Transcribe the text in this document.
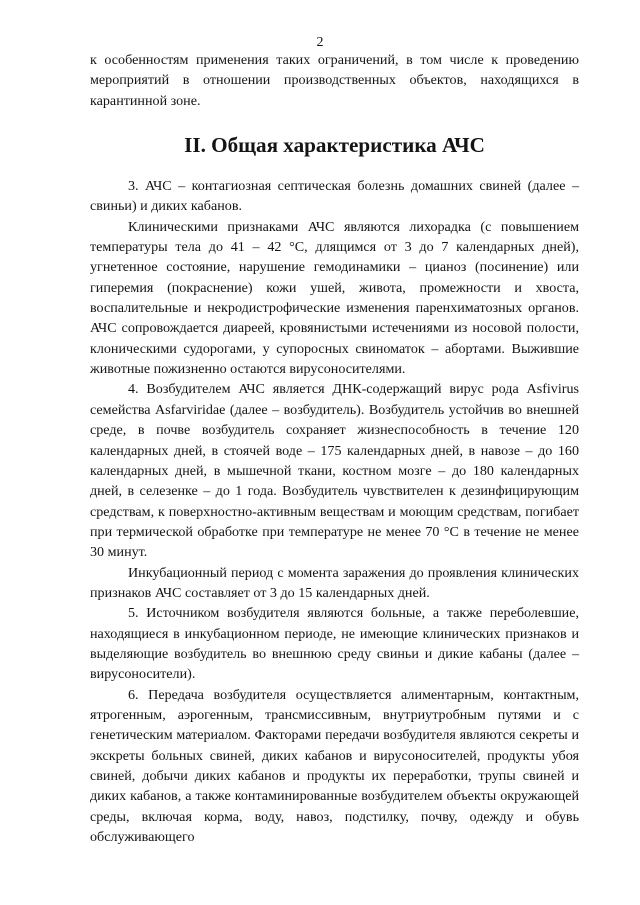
2

к особенностям применения таких ограничений, в том числе к проведению мероприятий в отношении производственных объектов, находящихся в карантинной зоне.

II. Общая характеристика АЧС

3. АЧС – контагиозная септическая болезнь домашних свиней (далее – свиньи) и диких кабанов.

Клиническими признаками АЧС являются лихорадка (с повышением температуры тела до 41 – 42 °С, длящимся от 3 до 7 календарных дней), угнетенное состояние, нарушение гемодинамики – цианоз (посинение) или гиперемия (покраснение) кожи ушей, живота, промежности и хвоста, воспалительные и некродистрофические изменения паренхиматозных органов. АЧС сопровождается диареей, кровянистыми истечениями из носовой полости, клоническими судорогами, у супоросных свиноматок – абортами. Выжившие животные пожизненно остаются вирусоносителями.

4. Возбудителем АЧС является ДНК-содержащий вирус рода Asfivirus семейства Asfarviridae (далее – возбудитель). Возбудитель устойчив во внешней среде, в почве возбудитель сохраняет жизнеспособность в течение 120 календарных дней, в стоячей воде – 175 календарных дней, в навозе – до 160 календарных дней, в мышечной ткани, костном мозге – до 180 календарных дней, в селезенке – до 1 года. Возбудитель чувствителен к дезинфицирующим средствам, к поверхностно-активным веществам и моющим средствам, погибает при термической обработке при температуре не менее 70 °С в течение не менее 30 минут.

Инкубационный период с момента заражения до проявления клинических признаков АЧС составляет от 3 до 15 календарных дней.

5. Источником возбудителя являются больные, а также переболевшие, находящиеся в инкубационном периоде, не имеющие клинических признаков и выделяющие возбудитель во внешнюю среду свиньи и дикие кабаны (далее – вирусоносители).

6. Передача возбудителя осуществляется алиментарным, контактным, ятрогенным, аэрогенным, трансмиссивным, внутриутробным путями и с генетическим материалом. Факторами передачи возбудителя являются секреты и экскреты больных свиней, диких кабанов и вирусоносителей, продукты убоя свиней, добычи диких кабанов и продукты их переработки, трупы свиней и диких кабанов, а также контаминированные возбудителем объекты окружающей среды, включая корма, воду, навоз, подстилку, почву, одежду и обувь обслуживающего
